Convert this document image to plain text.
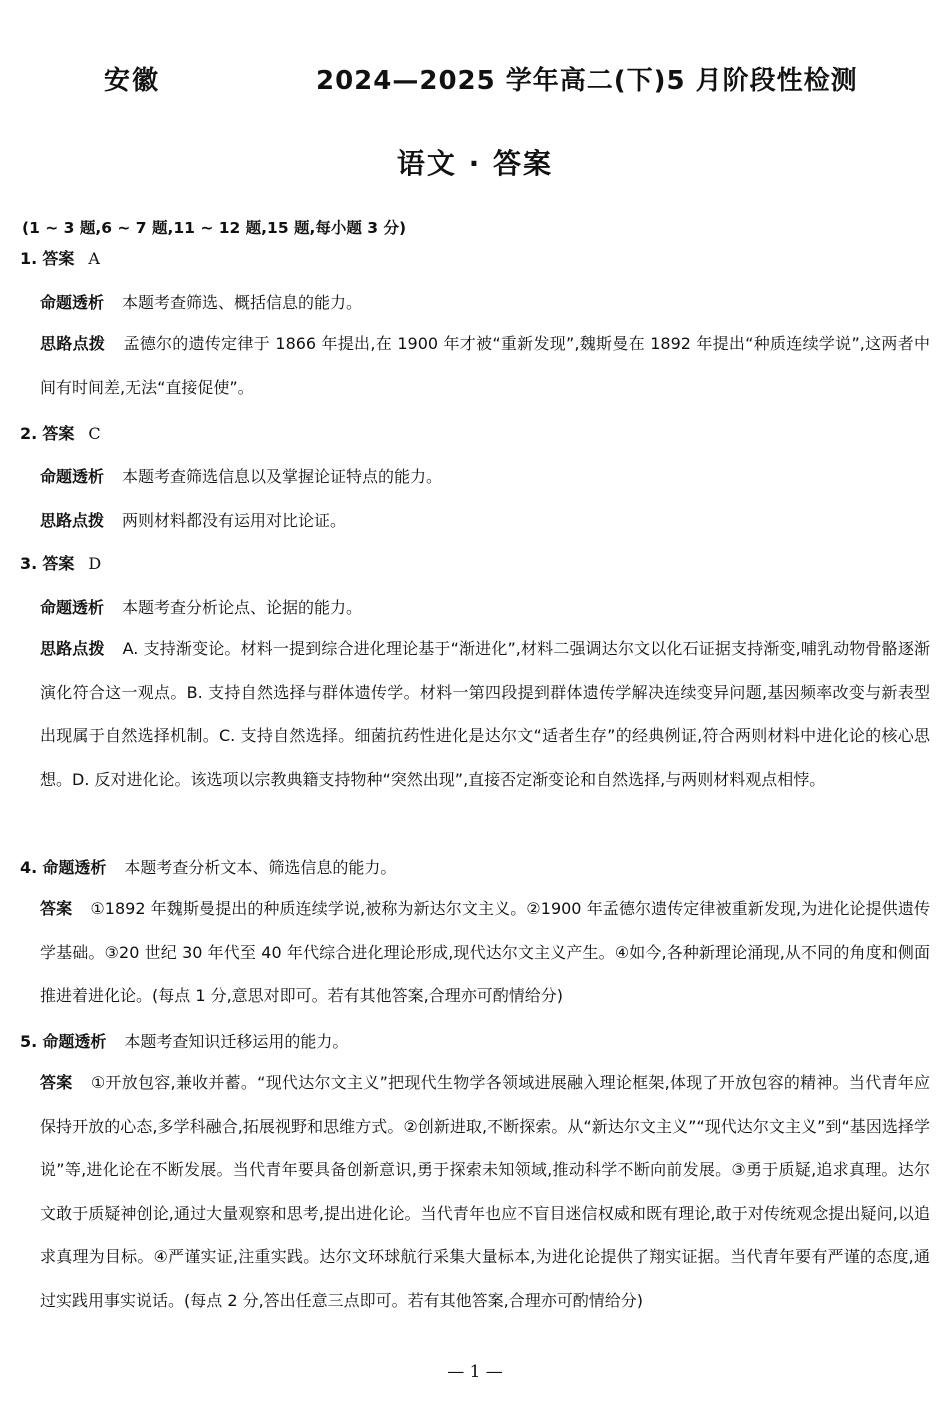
安徽	2024—2025 学年高二(下)5 月阶段性检测
语文 · 答案
(1 ~ 3 题,6 ~ 7 题,11 ~ 12 题,15 题,每小题 3 分)
1. 答案 A
命题透析 本题考查筛选、概括信息的能力。
思路点拨 孟德尔的遗传定律于 1866 年提出,在 1900 年才被“重新发现”,魏斯曼在 1892 年提出“种质连续学说”,这两者中间有时间差,无法“直接促使”。
2. 答案 C
命题透析 本题考查筛选信息以及掌握论证特点的能力。
思路点拨 两则材料都没有运用对比论证。
3. 答案 D
命题透析 本题考查分析论点、论据的能力。
思路点拨 A. 支持渐变论。材料一提到综合进化理论基于“渐进化”,材料二强调达尔文以化石证据支持渐变,哺乳动物骨骼逐渐演化符合这一观点。B. 支持自然选择与群体遗传学。材料一第四段提到群体遗传学解决连续变异问题,基因频率改变与新表型出现属于自然选择机制。C. 支持自然选择。细菌抗药性进化是达尔文“适者生存”的经典例证,符合两则材料中进化论的核心思想。D. 反对进化论。该选项以宗教典籍支持物种“突然出现”,直接否定渐变论和自然选择,与两则材料观点相悖。
4. 命题透析 本题考查分析文本、筛选信息的能力。
答案 ①1892 年魏斯曼提出的种质连续学说,被称为新达尔文主义。②1900 年孟德尔遗传定律被重新发现,为进化论提供遗传学基础。③20 世纪 30 年代至 40 年代综合进化理论形成,现代达尔文主义产生。④如今,各种新理论涌现,从不同的角度和侧面推进着进化论。(每点 1 分,意思对即可。若有其他答案,合理亦可酌情给分)
5. 命题透析 本题考查知识迁移运用的能力。
答案 ①开放包容,兼收并蓄。“现代达尔文主义”把现代生物学各领域进展融入理论框架,体现了开放包容的精神。当代青年应保持开放的心态,多学科融合,拓展视野和思维方式。②创新进取,不断探索。从“新达尔文主义”“现代达尔文主义”到“基因选择学说”等,进化论在不断发展。当代青年要具备创新意识,勇于探索未知领域,推动科学不断向前发展。③勇于质疑,追求真理。达尔文敢于质疑神创论,通过大量观察和思考,提出进化论。当代青年也应不盲目迷信权威和既有理论,敢于对传统观念提出疑问,以追求真理为目标。④严谨实证,注重实践。达尔文环球航行采集大量标本,为进化论提供了翔实证据。当代青年要有严谨的态度,通过实践用事实说话。(每点 2 分,答出任意三点即可。若有其他答案,合理亦可酌情给分)
— 1 —
